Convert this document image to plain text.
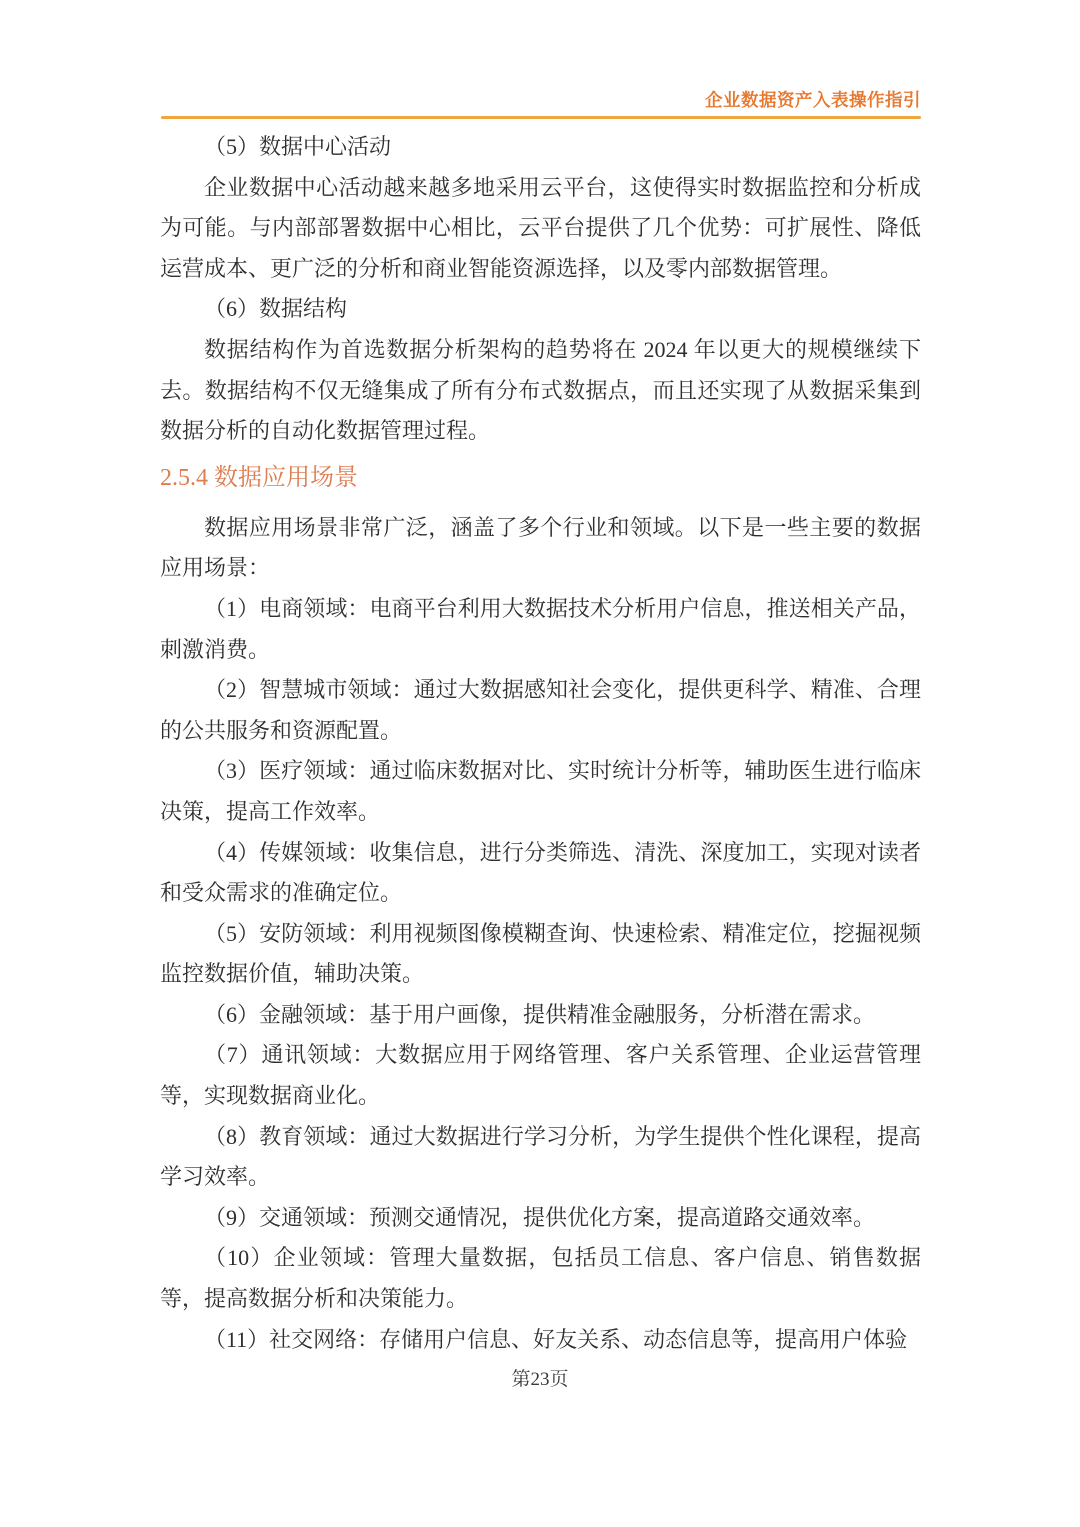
企业数据资产入表操作指引

（5）数据中心活动

企业数据中心活动越来越多地采用云平台，这使得实时数据监控和分析成为可能。与内部部署数据中心相比，云平台提供了几个优势：可扩展性、降低运营成本、更广泛的分析和商业智能资源选择，以及零内部数据管理。

（6）数据结构

数据结构作为首选数据分析架构的趋势将在 2024 年以更大的规模继续下去。数据结构不仅无缝集成了所有分布式数据点，而且还实现了从数据采集到数据分析的自动化数据管理过程。

2.5.4 数据应用场景

数据应用场景非常广泛，涵盖了多个行业和领域。以下是一些主要的数据应用场景：

（1）电商领域：电商平台利用大数据技术分析用户信息，推送相关产品，刺激消费。

（2）智慧城市领域：通过大数据感知社会变化，提供更科学、精准、合理的公共服务和资源配置。

（3）医疗领域：通过临床数据对比、实时统计分析等，辅助医生进行临床决策，提高工作效率。

（4）传媒领域：收集信息，进行分类筛选、清洗、深度加工，实现对读者和受众需求的准确定位。

（5）安防领域：利用视频图像模糊查询、快速检索、精准定位，挖掘视频监控数据价值，辅助决策。

（6）金融领域：基于用户画像，提供精准金融服务，分析潜在需求。

（7）通讯领域：大数据应用于网络管理、客户关系管理、企业运营管理等，实现数据商业化。

（8）教育领域：通过大数据进行学习分析，为学生提供个性化课程，提高学习效率。

（9）交通领域：预测交通情况，提供优化方案，提高道路交通效率。

（10）企业领域：管理大量数据，包括员工信息、客户信息、销售数据等，提高数据分析和决策能力。

（11）社交网络：存储用户信息、好友关系、动态信息等，提高用户体验

第23页
